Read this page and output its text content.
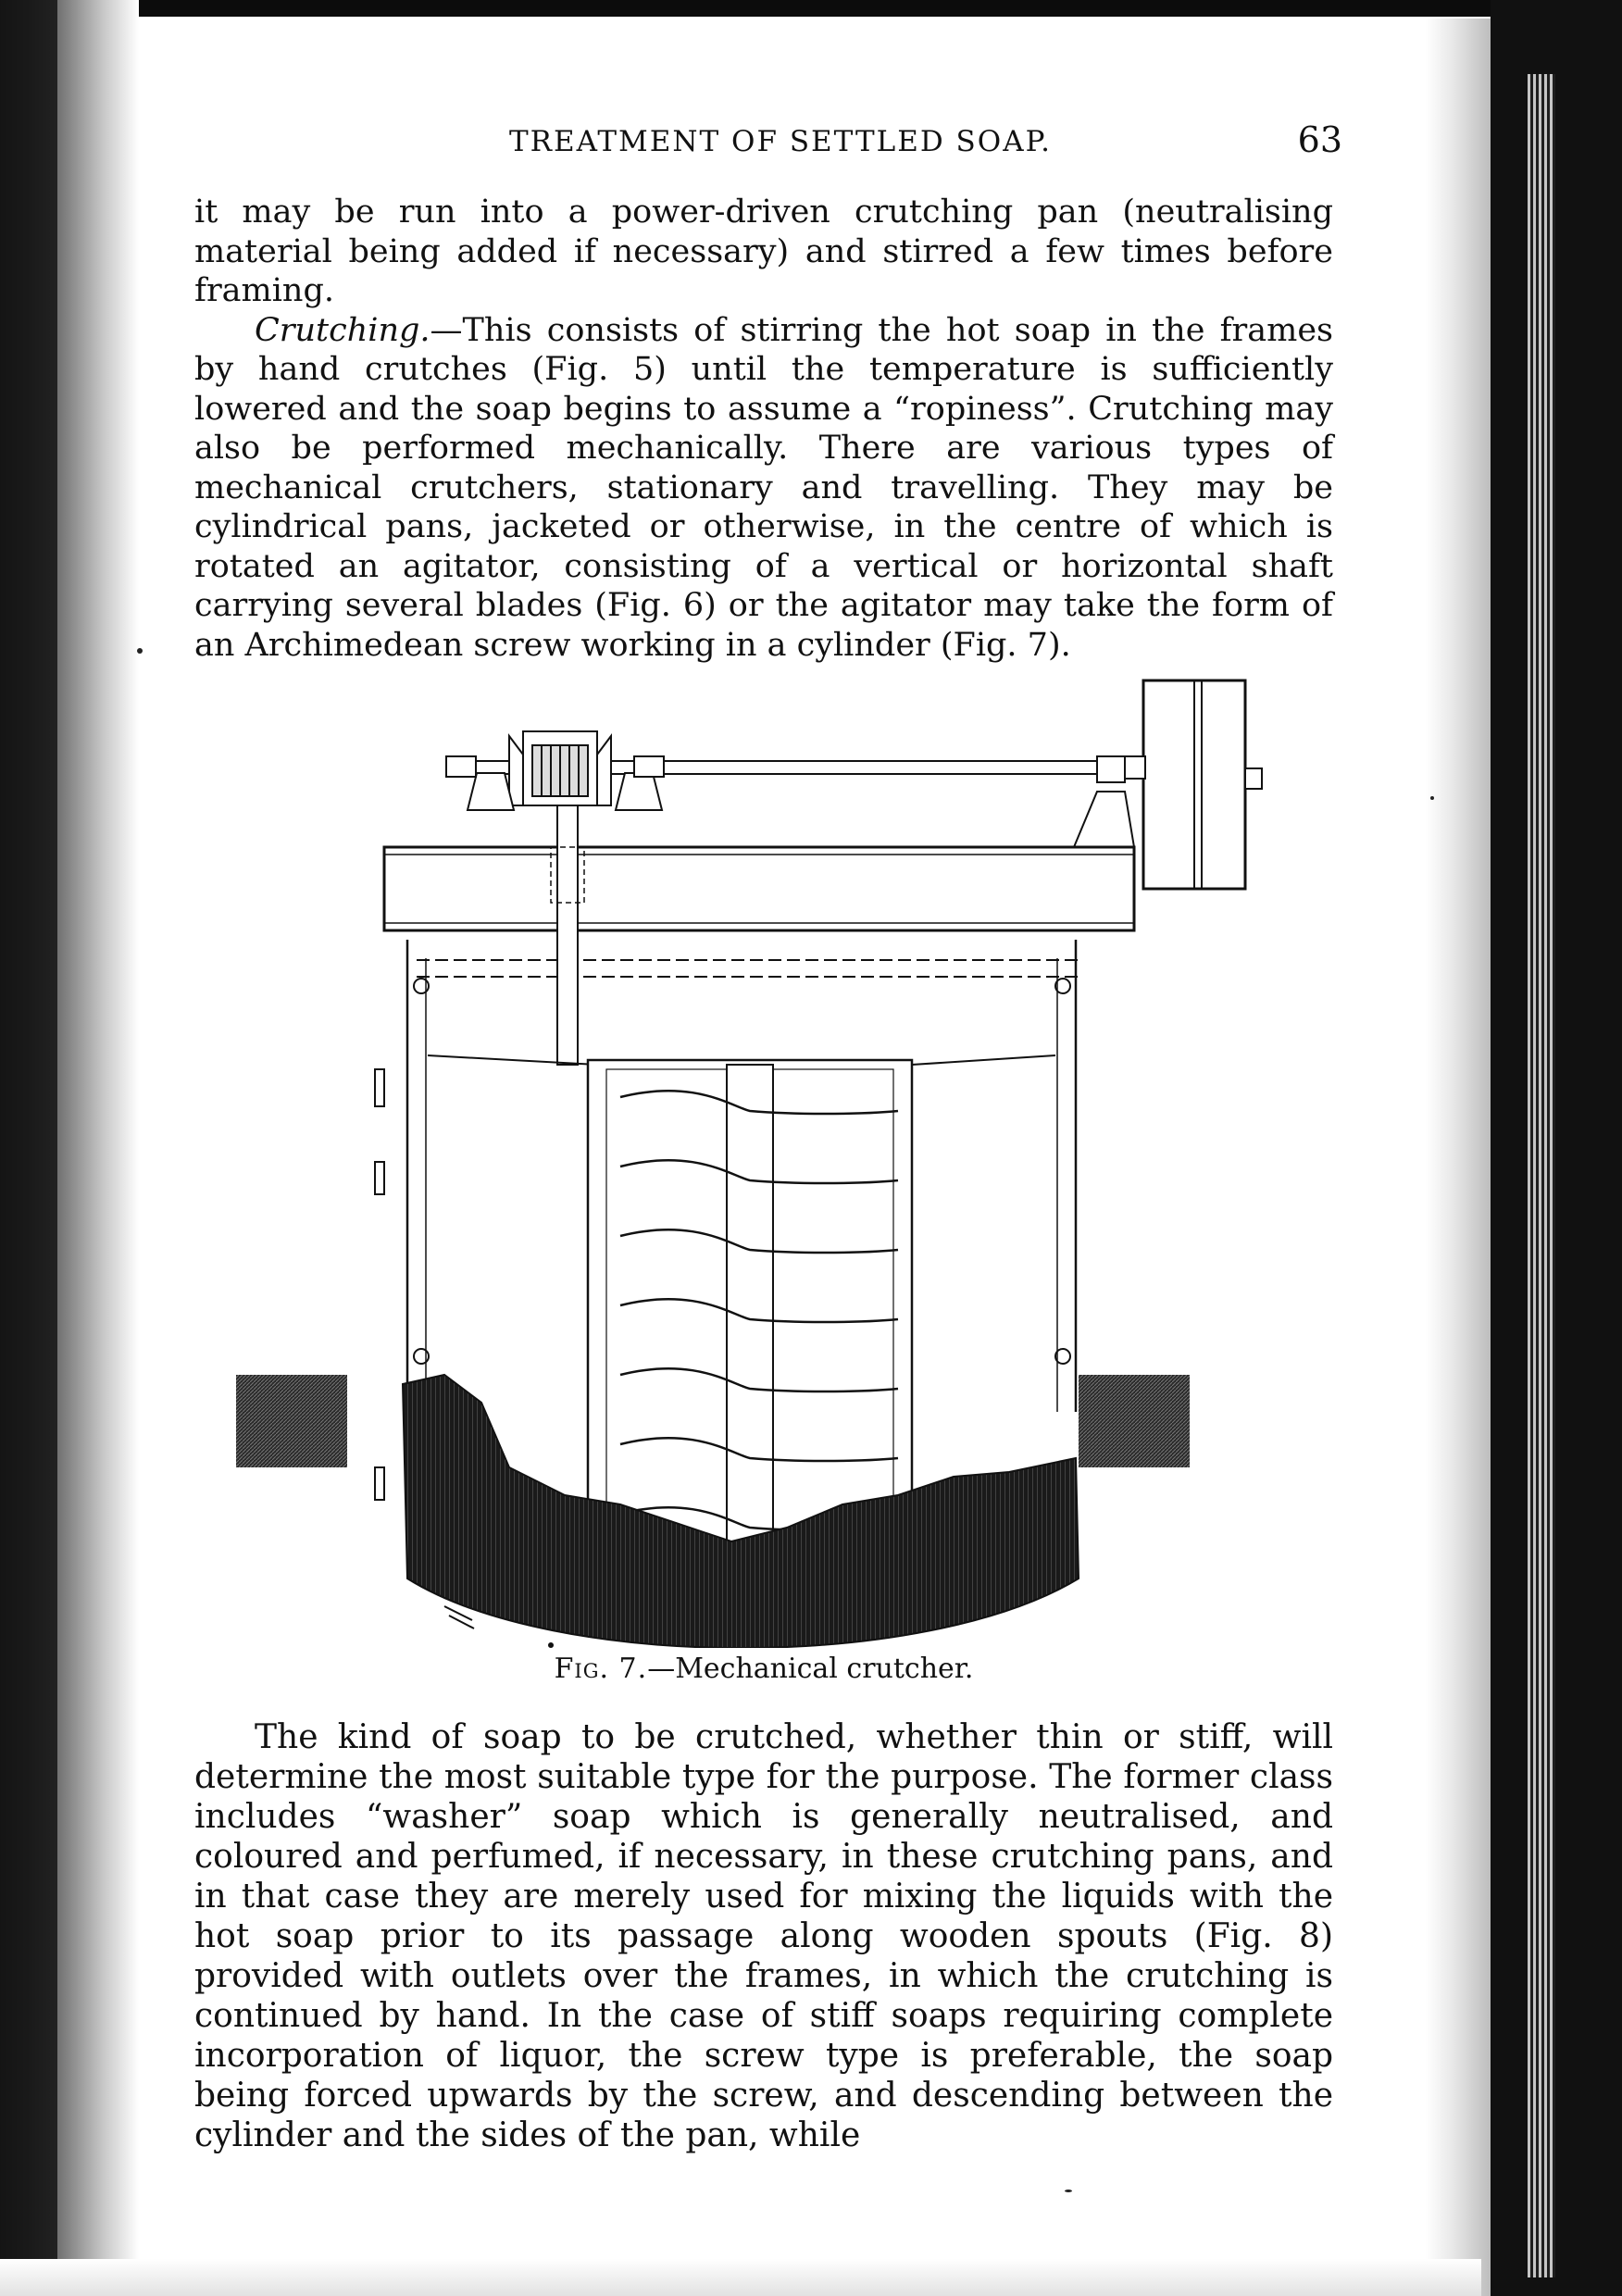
TREATMENT OF SETTLED SOAP.	63

it may be run into a power-driven crutching pan (neutralising material being added if necessary) and stirred a few times before framing.

Crutching.—This consists of stirring the hot soap in the frames by hand crutches (Fig. 5) until the temperature is sufficiently lowered and the soap begins to assume a “ropiness”. Crutching may also be performed mechanically. There are various types of mechanical crutchers, stationary and travelling. They may be cylindrical pans, jacketed or otherwise, in the centre of which is rotated an agitator, consisting of a vertical or horizontal shaft carrying several blades (Fig. 6) or the agitator may take the form of an Archimedean screw working in a cylinder (Fig. 7).

Fig. 7.—Mechanical crutcher.

The kind of soap to be crutched, whether thin or stiff, will determine the most suitable type for the purpose. The former class includes “washer” soap which is generally neutralised, and coloured and perfumed, if necessary, in these crutching pans, and in that case they are merely used for mixing the liquids with the hot soap prior to its passage along wooden spouts (Fig. 8) provided with outlets over the frames, in which the crutching is continued by hand. In the case of stiff soaps requiring complete incorporation of liquor, the screw type is preferable, the soap being forced upwards by the screw, and descending between the cylinder and the sides of the pan, while
